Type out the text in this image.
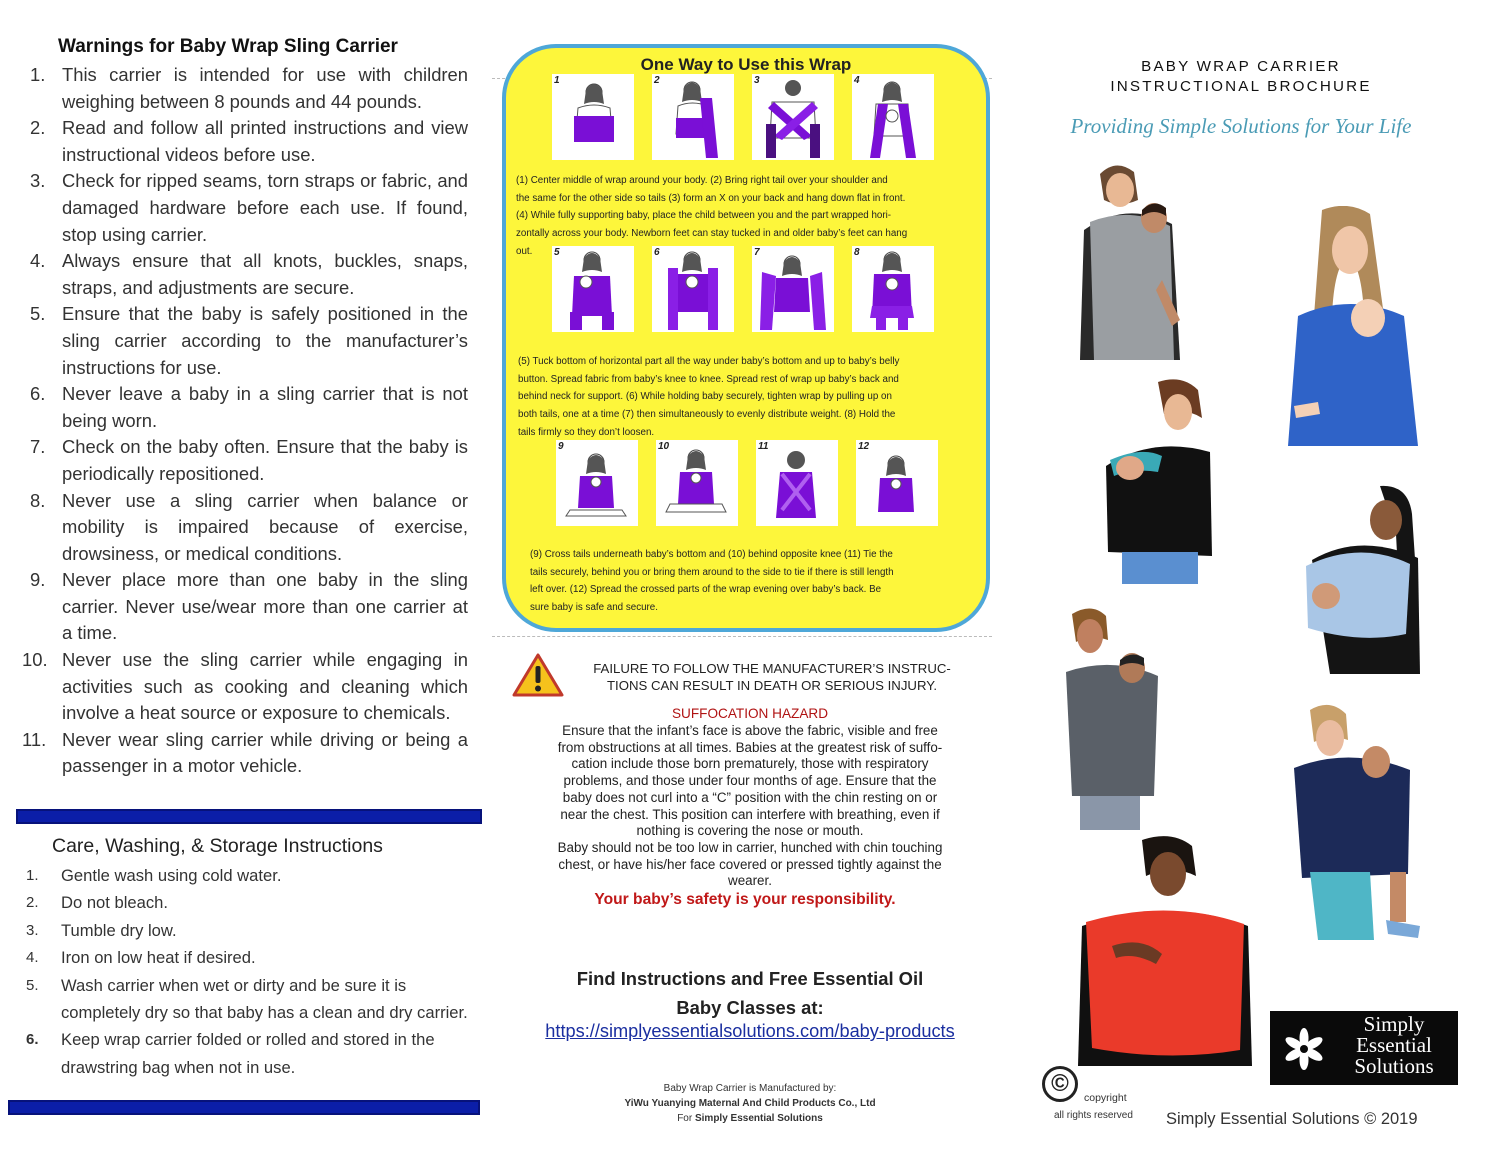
Warnings for Baby Wrap Sling Carrier
1. This carrier is intended for use with children weighing between 8 pounds and 44 pounds.
2. Read and follow all printed instructions and view instructional videos before use.
3. Check for ripped seams, torn straps or fabric, and damaged hardware before each use. If found, stop using carrier.
4. Always ensure that all knots, buckles, snaps, straps, and adjustments are secure.
5. Ensure that the baby is safely positioned in the sling carrier according to the manufacturer’s instructions for use.
6. Never leave a baby in a sling carrier that is not being worn.
7. Check on the baby often. Ensure that the baby is periodically repositioned.
8. Never use a sling carrier when balance or mobility is impaired because of exercise, drowsiness, or medical conditions.
9. Never place more than one baby in the sling carrier. Never use/wear more than one carrier at a time.
10. Never use the sling carrier while engaging in activities such as cooking and cleaning which involve a heat source or exposure to chemicals.
11. Never wear sling carrier while driving or being a passenger in a motor vehicle.
Care, Washing, & Storage Instructions
1.	Gentle wash using cold water.
2.	Do not bleach.
3.	Tumble dry low.
4.	Iron on low heat if desired.
5.	Wash carrier when wet or dirty and be sure it is completely dry so that baby has a clean and dry carrier.
6.	Keep wrap carrier folded or rolled and stored in the drawstring bag when not in use.
One Way to Use this Wrap
1	2	3	4
(1) Center middle of wrap around your body. (2) Bring right tail over your shoulder and
the same for the other side so tails (3) form an X on your back and hang down flat in front.
(4) While fully supporting baby, place the child between you and the part wrapped hori-
zontally across your body. Newborn feet can stay tucked in and older baby’s feet can hang
out. 5	6	7	8
(5) Tuck bottom of horizontal part all the way under baby’s bottom and up to baby’s belly
button. Spread fabric from baby’s knee to knee. Spread rest of wrap up baby’s back and
behind neck for support. (6) While holding baby securely, tighten wrap by pulling up on
both tails, one at a time (7) then simultaneously to evenly distribute weight. (8) Hold the
tails firmly so they don’t loosen.
9	10	11	12
(9) Cross tails underneath baby’s bottom and (10) behind opposite knee (11) Tie the
tails securely, behind you or bring them around to the side to tie if there is still length
left over. (12) Spread the crossed parts of the wrap evening over baby’s back. Be
sure baby is safe and secure.
FAILURE TO FOLLOW THE MANUFACTURER’S INSTRUC-
TIONS CAN RESULT IN DEATH OR SERIOUS INJURY.
SUFFOCATION HAZARD
Ensure that the infant’s face is above the fabric, visible and free
from obstructions at all times. Babies at the greatest risk of suffo-
cation include those born prematurely, those with respiratory
problems, and those under four months of age. Ensure that the
baby does not curl into a “C” position with the chin resting on or
near the chest. This position can interfere with breathing, even if
nothing is covering the nose or mouth.
Baby should not be too low in carrier, hunched with chin touching
chest, or have his/her face covered or pressed tightly against the
wearer.
Your baby’s safety is your responsibility.
Find Instructions and Free Essential Oil
Baby Classes at:
https://simplyessentialsolutions.com/baby-products
Baby Wrap Carrier is Manufactured by:
YiWu Yuanying Maternal And Child Products Co., Ltd
For Simply Essential Solutions
BABY WRAP CARRIER
INSTRUCTIONAL BROCHURE
Providing Simple Solutions for Your Life
Simply
Essential
Solutions
©
copyright
all rights reserved Simply Essential Solutions © 2019
